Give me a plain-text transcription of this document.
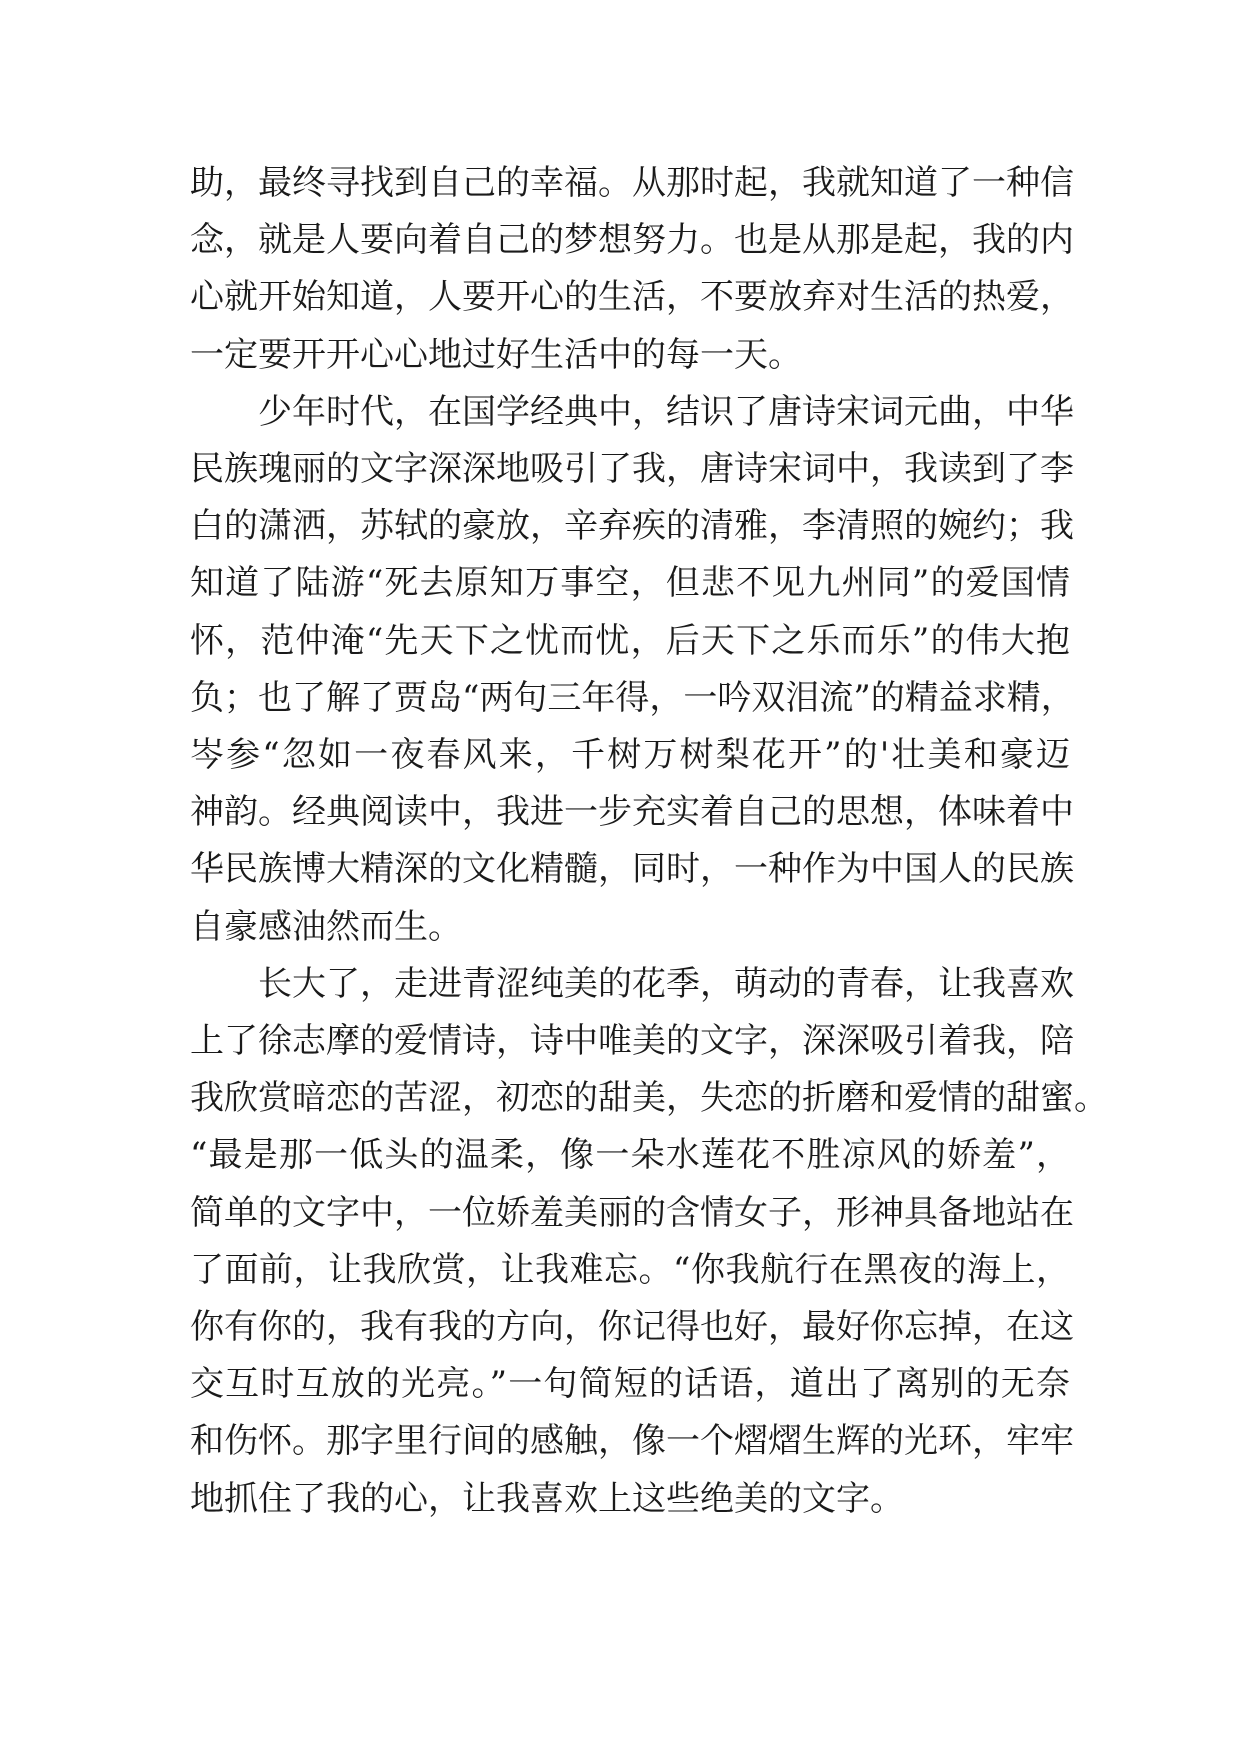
助，最终寻找到自己的幸福。从那时起，我就知道了一种信
念，就是人要向着自己的梦想努力。也是从那是起，我的内
心就开始知道，人要开心的生活，不要放弃对生活的热爱，
一定要开开心心地过好生活中的每一天。

　　少年时代，在国学经典中，结识了唐诗宋词元曲，中华
民族瑰丽的文字深深地吸引了我，唐诗宋词中，我读到了李
白的潇洒，苏轼的豪放，辛弃疾的清雅，李清照的婉约；我
知道了陆游“死去原知万事空，但悲不见九州同”的爱国情
怀，范仲淹“先天下之忧而忧，后天下之乐而乐”的伟大抱
负；也了解了贾岛“两句三年得，一吟双泪流”的精益求精，
岑参“忽如一夜春风来，千树万树梨花开”的'壮美和豪迈
神韵。经典阅读中，我进一步充实着自己的思想，体味着中
华民族博大精深的文化精髓，同时，一种作为中国人的民族
自豪感油然而生。

　　长大了，走进青涩纯美的花季，萌动的青春，让我喜欢
上了徐志摩的爱情诗，诗中唯美的文字，深深吸引着我，陪
我欣赏暗恋的苦涩，初恋的甜美，失恋的折磨和爱情的甜蜜。
“最是那一低头的温柔，像一朵水莲花不胜凉风的娇羞”，
简单的文字中，一位娇羞美丽的含情女子，形神具备地站在
了面前，让我欣赏，让我难忘。“你我航行在黑夜的海上，
你有你的，我有我的方向，你记得也好，最好你忘掉，在这
交互时互放的光亮。”一句简短的话语，道出了离别的无奈
和伤怀。那字里行间的感触，像一个熠熠生辉的光环，牢牢
地抓住了我的心，让我喜欢上这些绝美的文字。
